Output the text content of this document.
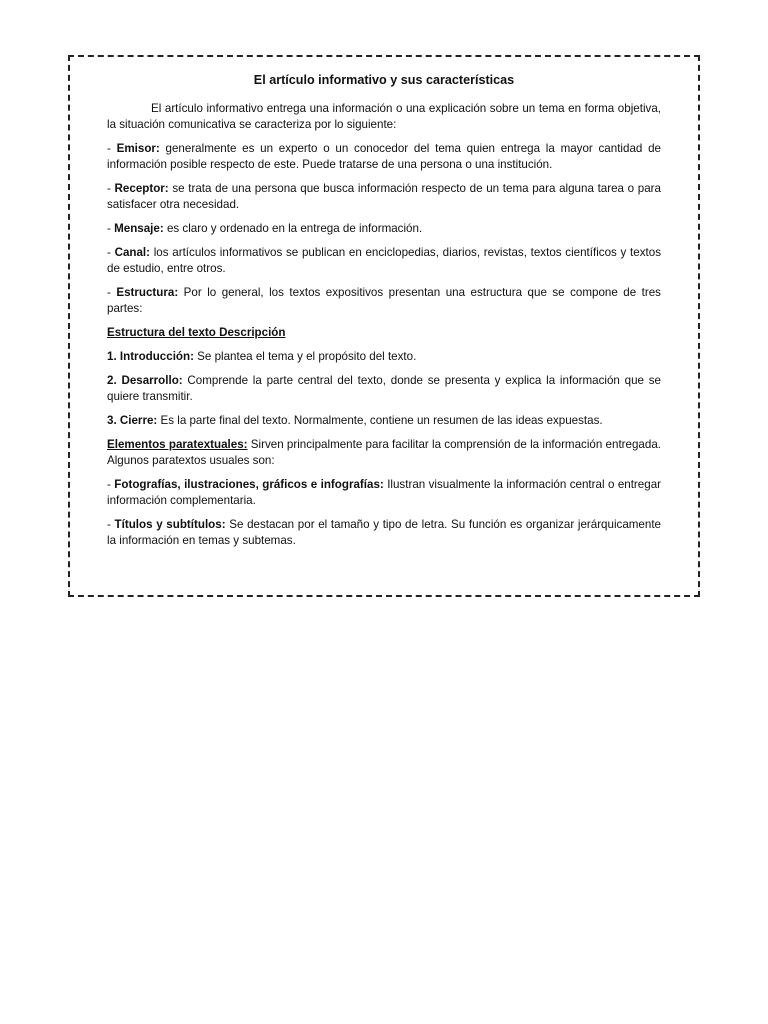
El artículo informativo y sus características

El artículo informativo entrega una información o una explicación sobre un tema en forma objetiva, la situación comunicativa se caracteriza por lo siguiente:

- Emisor: generalmente es un experto o un conocedor del tema quien entrega la mayor cantidad de información posible respecto de este. Puede tratarse de una persona o una institución.

- Receptor: se trata de una persona que busca información respecto de un tema para alguna tarea o para satisfacer otra necesidad.

- Mensaje: es claro y ordenado en la entrega de información.

- Canal: los artículos informativos se publican en enciclopedias, diarios, revistas, textos científicos y textos de estudio, entre otros.

- Estructura: Por lo general, los textos expositivos presentan una estructura que se compone de tres partes:

Estructura del texto Descripción

1. Introducción: Se plantea el tema y el propósito del texto.

2. Desarrollo: Comprende la parte central del texto, donde se presenta y explica la información que se quiere transmitir.

3. Cierre: Es la parte final del texto. Normalmente, contiene un resumen de las ideas expuestas.

Elementos paratextuales: Sirven principalmente para facilitar la comprensión de la información entregada. Algunos paratextos usuales son:

- Fotografías, ilustraciones, gráficos e infografías: Ilustran visualmente la información central o entregar información complementaria.

- Títulos y subtítulos: Se destacan por el tamaño y tipo de letra. Su función es organizar jerárquicamente la información en temas y subtemas.
